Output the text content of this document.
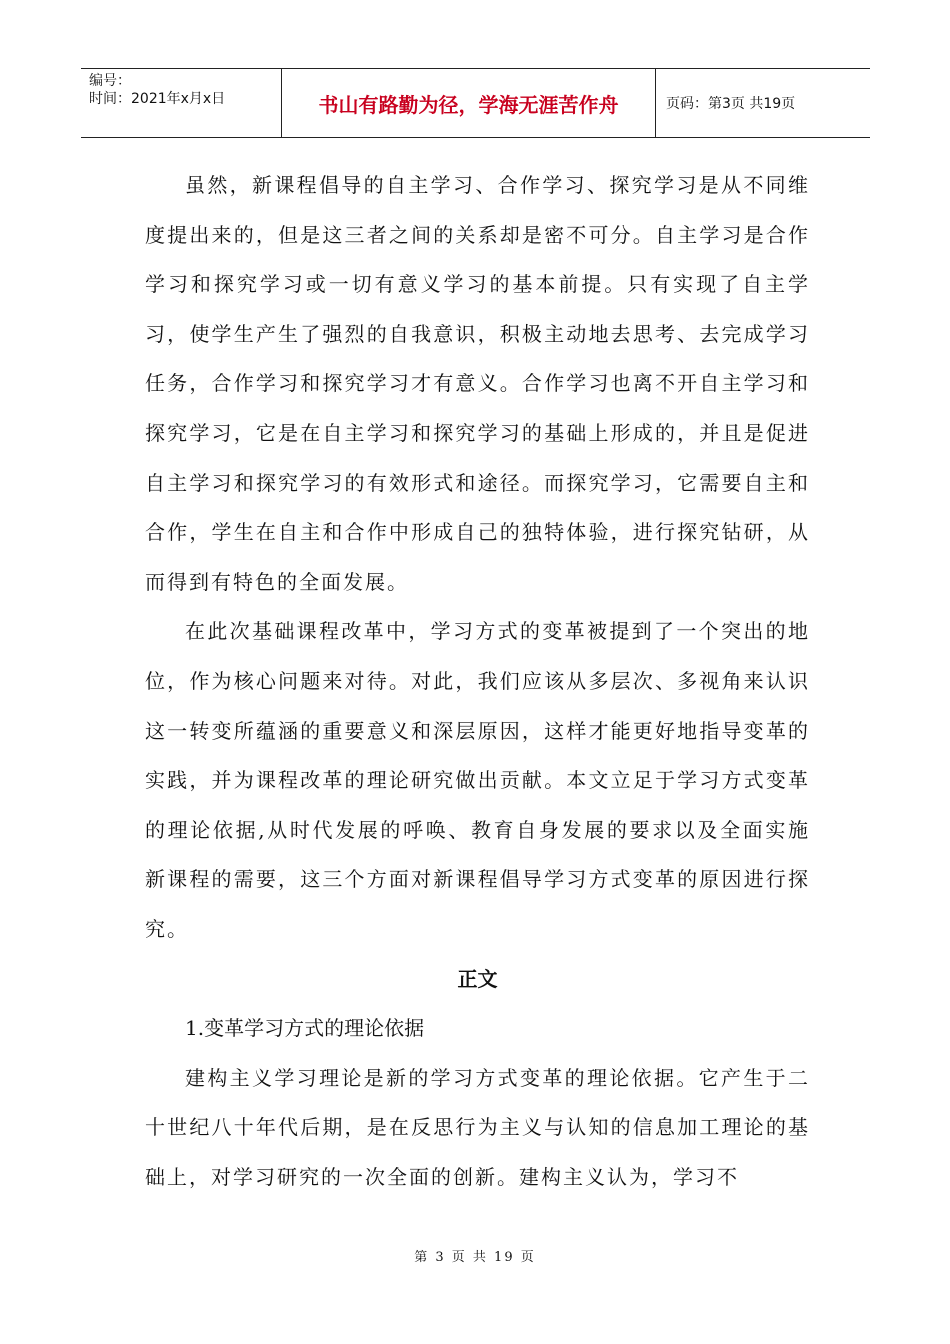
编号：
时间：2021年x月x日	书山有路勤为径，学海无涯苦作舟	页码：第3页 共19页

虽然，新课程倡导的自主学习、合作学习、探究学习是从不同维度提出来的，但是这三者之间的关系却是密不可分。自主学习是合作学习和探究学习或一切有意义学习的基本前提。只有实现了自主学习，使学生产生了强烈的自我意识，积极主动地去思考、去完成学习任务，合作学习和探究学习才有意义。合作学习也离不开自主学习和探究学习，它是在自主学习和探究学习的基础上形成的，并且是促进自主学习和探究学习的有效形式和途径。而探究学习，它需要自主和合作，学生在自主和合作中形成自己的独特体验，进行探究钻研，从而得到有特色的全面发展。

在此次基础课程改革中，学习方式的变革被提到了一个突出的地位，作为核心问题来对待。对此，我们应该从多层次、多视角来认识这一转变所蕴涵的重要意义和深层原因，这样才能更好地指导变革的实践，并为课程改革的理论研究做出贡献。本文立足于学习方式变革的理论依据,从时代发展的呼唤、教育自身发展的要求以及全面实施新课程的需要，这三个方面对新课程倡导学习方式变革的原因进行探究。

正文

1.变革学习方式的理论依据

建构主义学习理论是新的学习方式变革的理论依据。它产生于二十世纪八十年代后期，是在反思行为主义与认知的信息加工理论的基础上，对学习研究的一次全面的创新。建构主义认为，学习不

第 3 页 共 19 页
